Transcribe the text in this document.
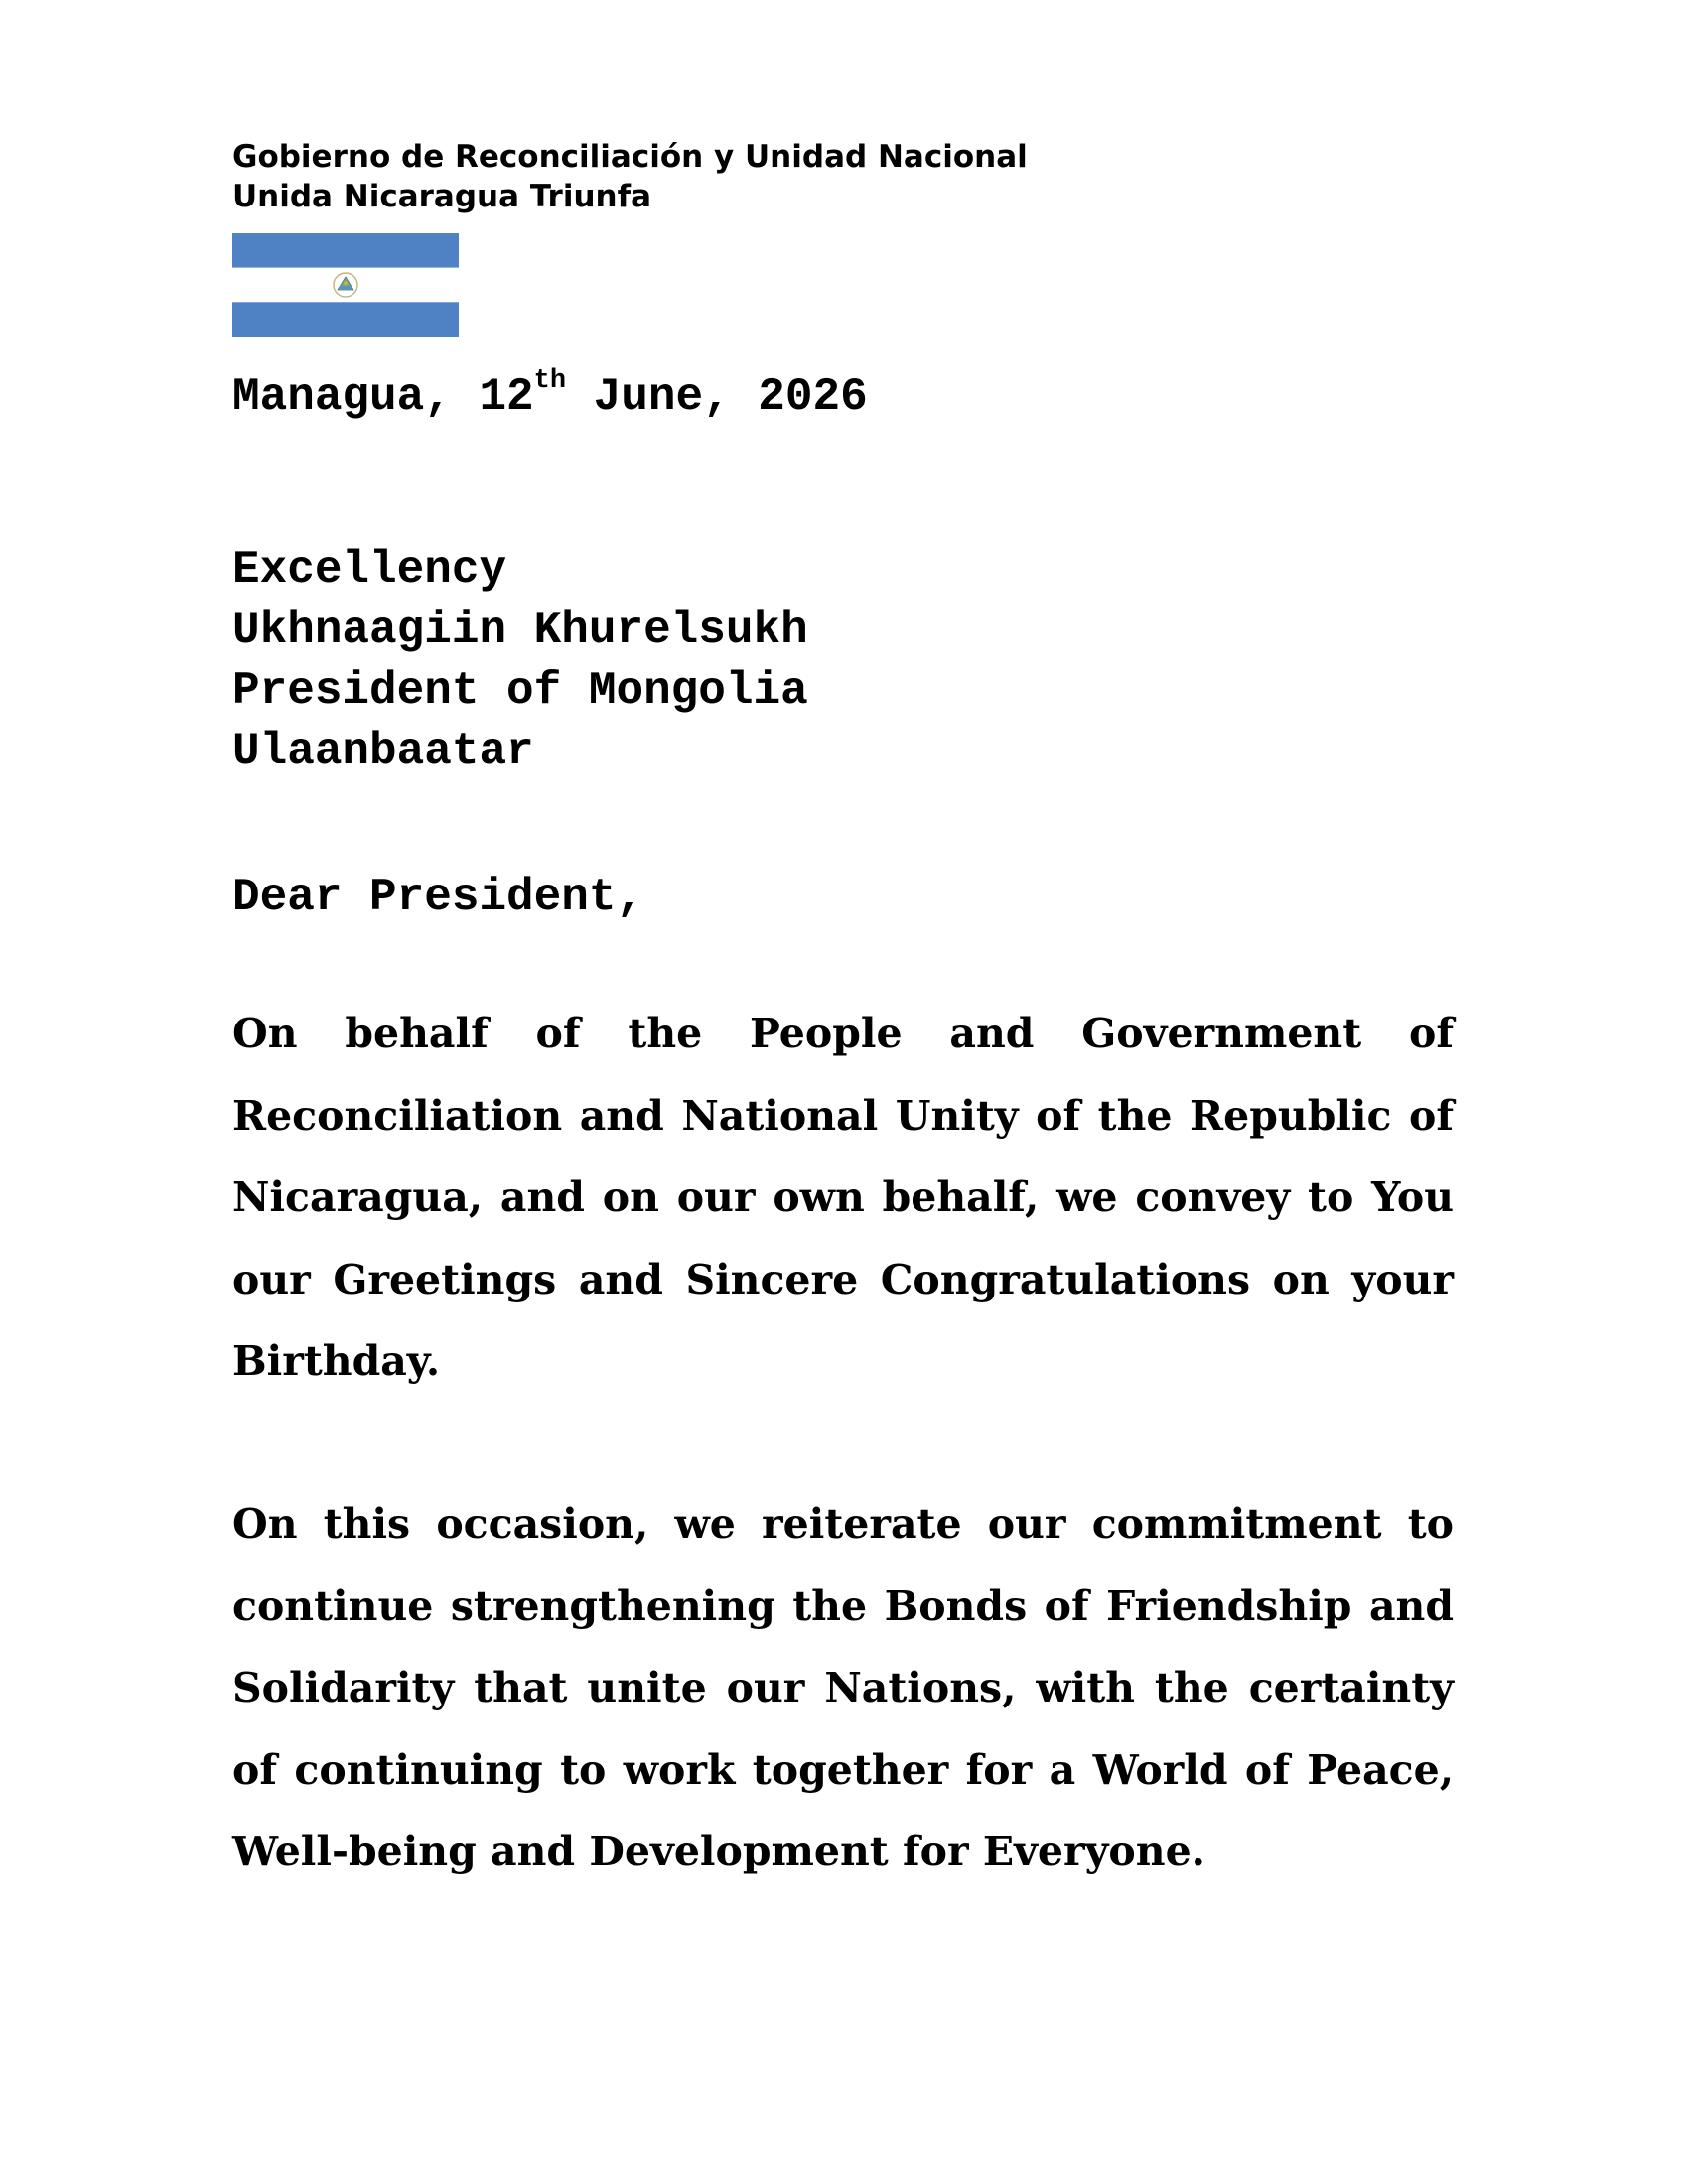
Gobierno de Reconciliación y Unidad Nacional
Unida Nicaragua Triunfa
Managua, 12th June, 2026
Excellency
Ukhnaagiin Khurelsukh
President of Mongolia
Ulaanbaatar
Dear President,
On behalf of the People and Government of Reconciliation and National Unity of the Republic of Nicaragua, and on our own behalf, we convey to You our Greetings and Sincere Congratulations on your Birthday.
On this occasion, we reiterate our commitment to continue strengthening the Bonds of Friendship and Solidarity that unite our Nations, with the certainty of continuing to work together for a World of Peace, Well-being and Development for Everyone.
